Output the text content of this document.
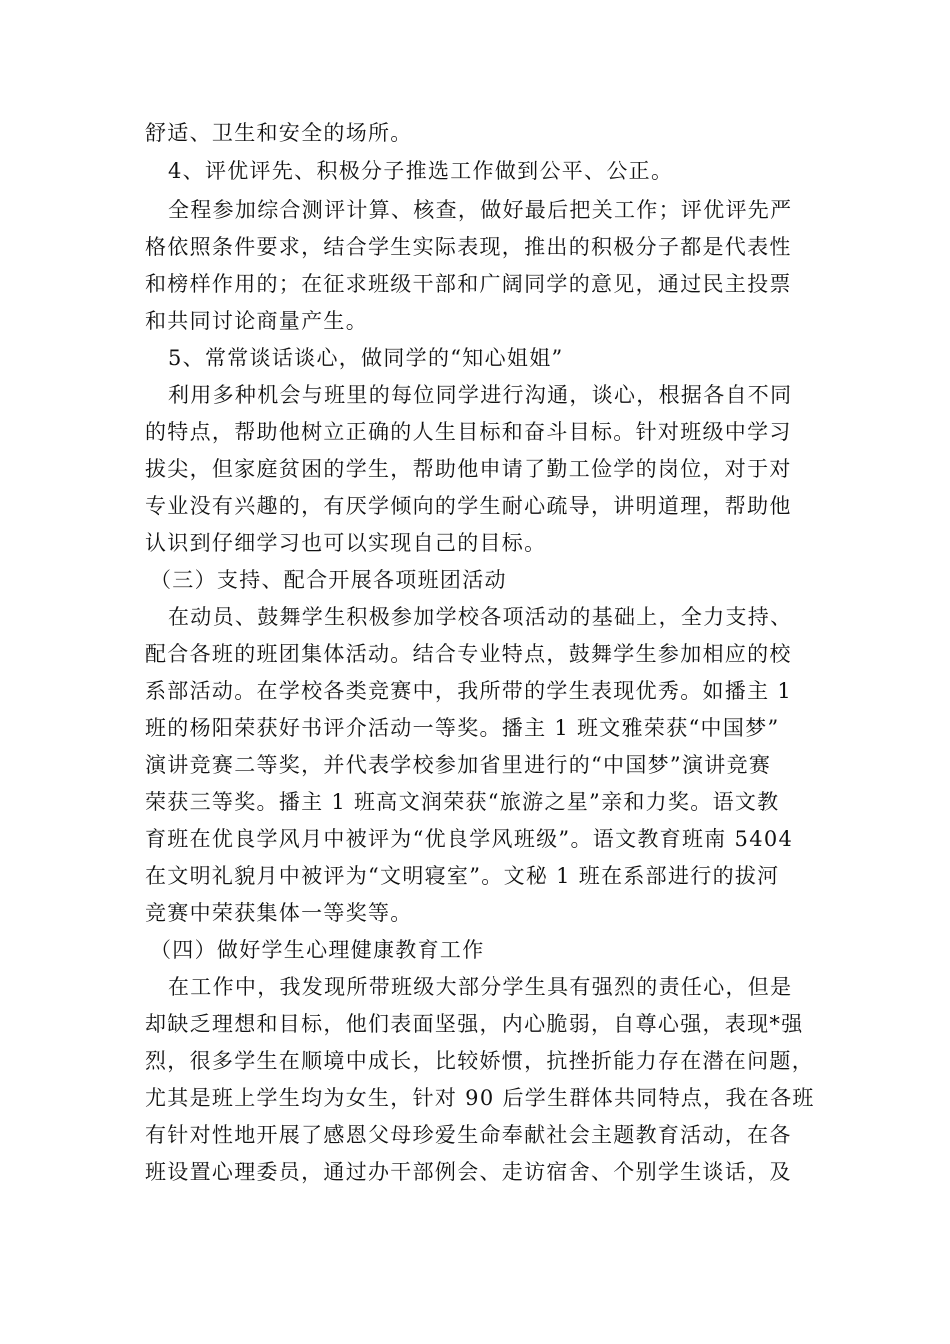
舒适、卫生和安全的场所。
4、评优评先、积极分子推选工作做到公平、公正。
全程参加综合测评计算、核查，做好最后把关工作；评优评先严
格依照条件要求，结合学生实际表现，推出的积极分子都是代表性
和榜样作用的；在征求班级干部和广阔同学的意见，通过民主投票
和共同讨论商量产生。
5、常常谈话谈心，做同学的“知心姐姐”
利用多种机会与班里的每位同学进行沟通，谈心，根据各自不同
的特点，帮助他树立正确的人生目标和奋斗目标。针对班级中学习
拔尖，但家庭贫困的学生，帮助他申请了勤工俭学的岗位，对于对
专业没有兴趣的，有厌学倾向的学生耐心疏导，讲明道理，帮助他
认识到仔细学习也可以实现自己的目标。
（三）支持、配合开展各项班团活动
在动员、鼓舞学生积极参加学校各项活动的基础上，全力支持、
配合各班的班团集体活动。结合专业特点，鼓舞学生参加相应的校
系部活动。在学校各类竞赛中，我所带的学生表现优秀。如播主 1
班的杨阳荣获好书评介活动一等奖。播主 1 班文雅荣获“中国梦”
演讲竞赛二等奖，并代表学校参加省里进行的“中国梦”演讲竞赛
荣获三等奖。播主 1 班高文润荣获“旅游之星”亲和力奖。语文教
育班在优良学风月中被评为“优良学风班级”。语文教育班南 5404
在文明礼貌月中被评为“文明寝室”。文秘 1 班在系部进行的拔河
竞赛中荣获集体一等奖等。
（四）做好学生心理健康教育工作
在工作中，我发现所带班级大部分学生具有强烈的责任心，但是
却缺乏理想和目标，他们表面坚强，内心脆弱，自尊心强，表现*强
烈，很多学生在顺境中成长，比较娇惯，抗挫折能力存在潜在问题，
尤其是班上学生均为女生，针对 90 后学生群体共同特点，我在各班
有针对性地开展了感恩父母珍爱生命奉献社会主题教育活动，在各
班设置心理委员，通过办干部例会、走访宿舍、个别学生谈话，及
